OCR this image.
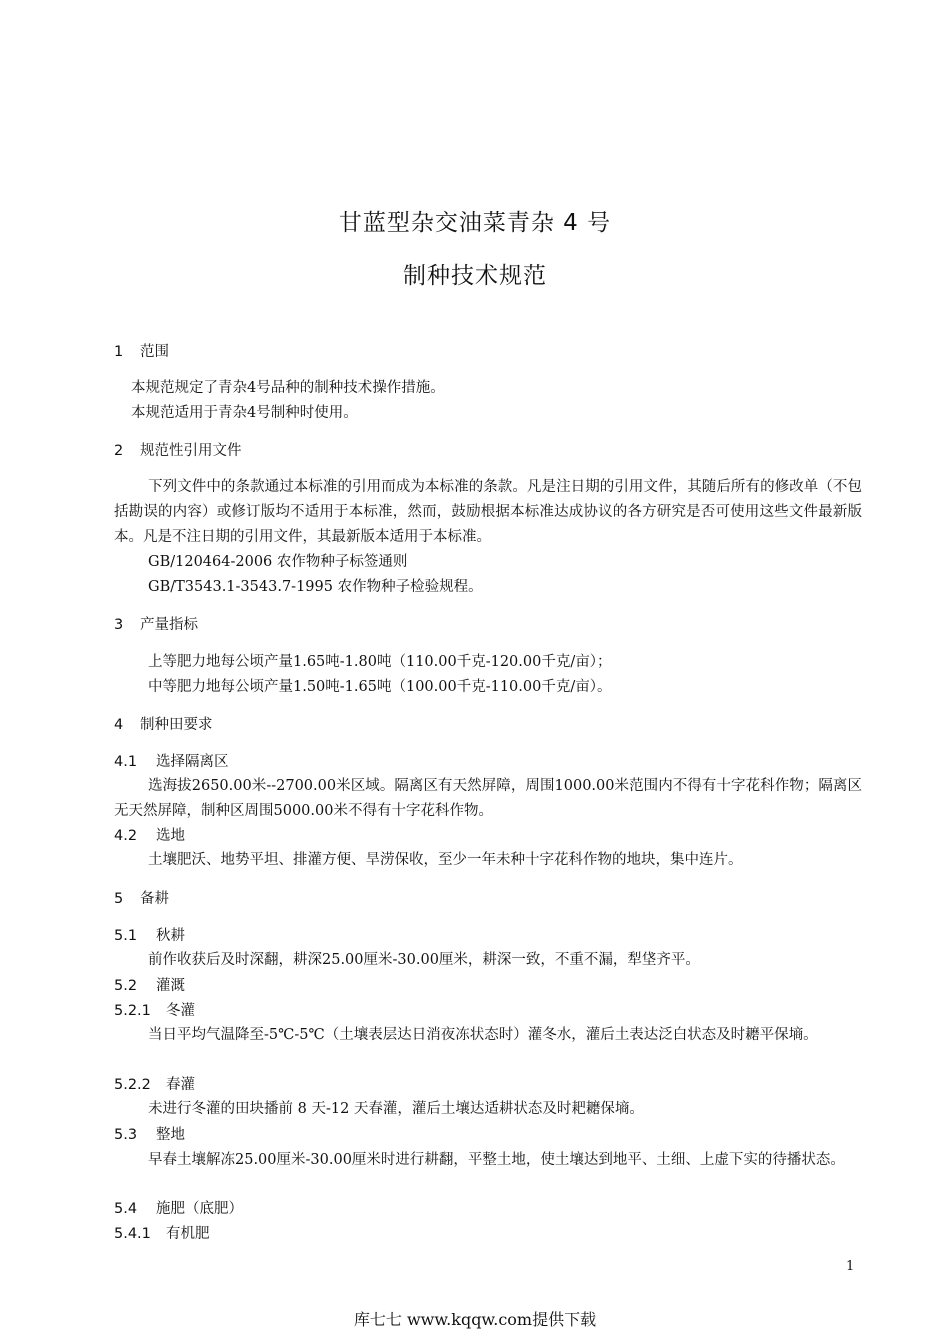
甘蓝型杂交油菜青杂 4 号
制种技术规范
1 范围
本规范规定了青杂4号品种的制种技术操作措施。
本规范适用于青杂4号制种时使用。
2 规范性引用文件
下列文件中的条款通过本标准的引用而成为本标准的条款。凡是注日期的引用文件，其随后所有的修改单（不包括勘误的内容）或修订版均不适用于本标准，然而，鼓励根据本标准达成协议的各方研究是否可使用这些文件最新版本。凡是不注日期的引用文件，其最新版本适用于本标准。
GB/120464-2006 农作物种子标签通则
GB/T3543.1-3543.7-1995 农作物种子检验规程。
3 产量指标
上等肥力地每公顷产量1.65吨-1.80吨（110.00千克-120.00千克/亩）；
中等肥力地每公顷产量1.50吨-1.65吨（100.00千克-110.00千克/亩）。
4 制种田要求
4.1 选择隔离区
选海拔2650.00米--2700.00米区域。隔离区有天然屏障，周围1000.00米范围内不得有十字花科作物；隔离区无天然屏障，制种区周围5000.00米不得有十字花科作物。
4.2 选地
土壤肥沃、地势平坦、排灌方便、旱涝保收，至少一年未种十字花科作物的地块，集中连片。
5 备耕
5.1 秋耕
前作收获后及时深翻，耕深25.00厘米-30.00厘米，耕深一致，不重不漏，犁垡齐平。
5.2 灌溉
5.2.1 冬灌
当日平均气温降至-5℃-5℃（土壤表层达日消夜冻状态时）灌冬水，灌后土表达泛白状态及时耱平保墒。
5.2.2 春灌
未进行冬灌的田块播前 8 天-12 天春灌，灌后土壤达适耕状态及时耙耱保墒。
5.3 整地
早春土壤解冻25.00厘米-30.00厘米时进行耕翻，平整土地，使土壤达到地平、土细、上虚下实的待播状态。
5.4 施肥（底肥）
5.4.1 有机肥
1
库七七 www.kqqw.com提供下载
